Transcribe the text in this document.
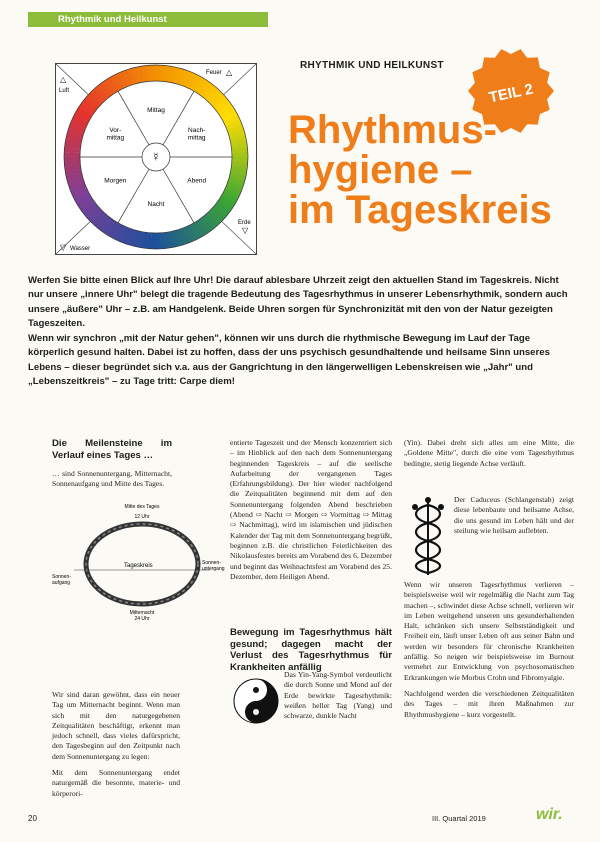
Rhythmik und Heilkunst
☿
Mittag
Nach-mittag
Abend
Nacht
Morgen
Vor-mittag
Feuer △
△
Luft
Erde
▽
▽ Wasser
RHYTHMIK UND HEILKUNST
TEIL 2
Rhythmus-
hygiene –
im Tageskreis

Werfen Sie bitte einen Blick auf Ihre Uhr! Die darauf ablesbare Uhrzeit zeigt den aktuellen Stand im Tageskreis. Nicht nur unsere „innere Uhr" belegt die tragende Bedeutung des Tagesrhythmus in unserer Lebensrhythmik, sondern auch unsere „äußere" Uhr – z.B. am Handgelenk. Beide Uhren sorgen für Synchronizität mit den von der Natur gezeigten Tageszeiten.

Wenn wir synchron „mit der Natur gehen", können wir uns durch die rhythmische Bewegung im Lauf der Tage körperlich gesund halten. Dabei ist zu hoffen, dass der uns psychisch gesundhaltende und heilsame Sinn unseres Lebens – dieser begründet sich v.a. aus der Gangrichtung in den längerwelligen Lebenskreisen wie „Jahr" und „Lebenszeitkreis" – zu Tage tritt: Carpe diem!

Die Meilensteine im Verlauf eines Tages …

… sind Sonnenuntergang, Mitternacht, Sonnenaufgang und Mitte des Tages.

Mitte des Tages
12 Uhr
Sonnen-
aufgang
Sonnen-
untergang
Tageskreis
Mitternacht
24 Uhr

Wir sind daran gewöhnt, dass ein neuer Tag um Mitternacht beginnt. Wenn man sich mit den naturgegebenen Zeitqualitäten beschäftigt, erkennt man jedoch schnell, dass vieles dafürspricht, den Tagesbeginn auf den Zeitpunkt nach dem Sonnenuntergang zu legen:

Mit dem Sonnenuntergang endet naturgemäß die besonnte, materie- und körperori-

entierte Tageszeit und der Mensch konzentriert sich – im Hinblick auf den nach dem Sonnenuntergang beginnenden Tageskreis – auf die seelische Aufarbeitung der vergangenen Tages (Erfahrungsbildung). Der hier wieder nachfolgend die Zeitqualitäten beginnend mit dem auf den Sonnenuntergang folgenden Abend beschrieben (Abend ⇨ Nacht ⇨ Morgen ⇨ Vormittag ⇨ Mittag ⇨ Nachmittag), wird im islamischen und jüdischen Kalender der Tag mit dem Sonnenuntergang begrüßt, beginnen z.B. die christlichen Feierlichkeiten des Nikolausfestes bereits am Vorabend des 6. Dezember und beginnt das Weihnachtsfest am Vorabend des 25. Dezember, dem Heiligen Abend.

Bewegung im Tagesrhythmus hält gesund; dagegen macht der Verlust des Tagesrhythmus für Krankheiten anfällig

Das Yin-Yang-Symbol verdeutlicht die durch Sonne und Mond auf der Erde bewirkte Tagesrhythmik: weißen heller Tag (Yang) und schwarze, dunkle Nacht

(Yin). Dabei dreht sich alles um eine Mitte, die „Goldene Mitte", durch die eine vom Tagesrhythmus bedingte, stetig liegende Achse verläuft.

Der Caduceus (Schlangenstab) zeigt diese lebenbaute und heilsame Achse, die uns gesund im Leben hält und der steilung wie heilsam auflebten.

Wenn wir unseren Tagesrhythmus verlieren – beispielsweise weil wir regelmäßig die Nacht zum Tag machen –, schwindet diese Achse schnell, verlieren wir im Leben weitgehend unseren uns gesunderhaltenden Halt, schränken sich unsere Selbstständigkeit und Freiheit ein, läuft unser Leben oft aus seiner Bahn und werden wir besonders für chronische Krankheiten anfällig. So neigen wir beispielsweise im Burnout vermehrt zur Entwicklung von psychosomatischen Erkrankungen wie Morbus Crohn und Fibromyalgie.

Nachfolgend werden die verschiedenen Zeitqualitäten des Tages – mit ihren Maßnahmen zur Rhythmushygiene – kurz vorgestellt.

20	III. Quartal 2019	wir.
